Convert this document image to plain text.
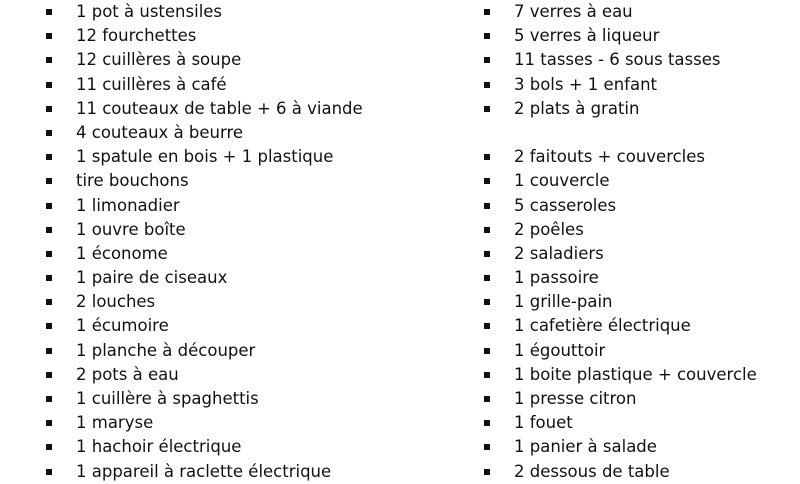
1 pot à ustensiles
12 fourchettes
12 cuillères à soupe
11 cuillères à café
11 couteaux de table + 6 à viande
4 couteaux à beurre
1 spatule en bois + 1 plastique
tire bouchons
1 limonadier
1 ouvre boîte
1 économe
1 paire de ciseaux
2 louches
1 écumoire
1 planche à découper
2 pots à eau
1 cuillère à spaghettis
1 maryse
1 hachoir électrique
1 appareil à raclette électrique
7 verres à eau
5 verres à liqueur
11 tasses - 6 sous tasses
3 bols + 1 enfant
2 plats à gratin
2 faitouts + couvercles
1 couvercle
5 casseroles
2 poêles
2 saladiers
1 passoire
1 grille-pain
1 cafetière électrique
1 égouttoir
1 boite plastique + couvercle
1 presse citron
1 fouet
1 panier à salade
2 dessous de table
